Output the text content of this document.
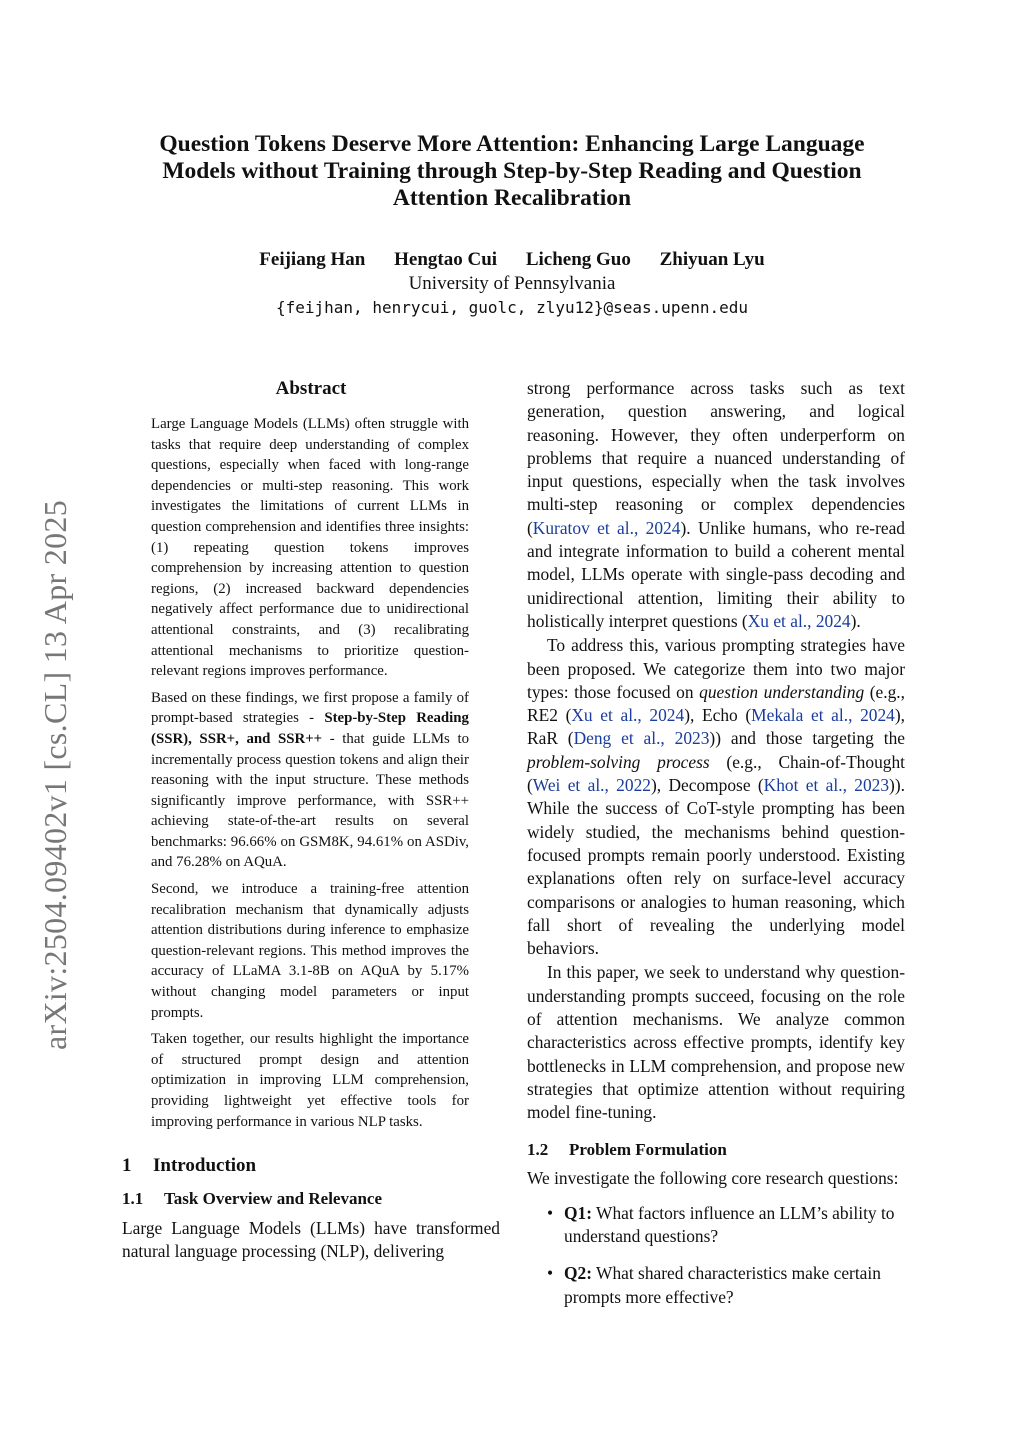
arXiv:2504.09402v1 [cs.CL] 13 Apr 2025
Question Tokens Deserve More Attention: Enhancing Large Language Models without Training through Step-by-Step Reading and Question Attention Recalibration
Feijiang Han Hengtao Cui Licheng Guo Zhiyuan Lyu
University of Pennsylvania
{feijhan, henrycui, guolc, zlyu12}@seas.upenn.edu
Abstract

Large Language Models (LLMs) often struggle with tasks that require deep understanding of complex questions, especially when faced with long-range dependencies or multi-step reasoning. This work investigates the limitations of current LLMs in question comprehension and identifies three insights: (1) repeating question tokens improves comprehension by increasing attention to question regions, (2) increased backward dependencies negatively affect performance due to unidirectional attentional constraints, and (3) recalibrating attentional mechanisms to prioritize question-relevant regions improves performance.

Based on these findings, we first propose a family of prompt-based strategies - Step-by-Step Reading (SSR), SSR+, and SSR++ - that guide LLMs to incrementally process question tokens and align their reasoning with the input structure. These methods significantly improve performance, with SSR++ achieving state-of-the-art results on several benchmarks: 96.66% on GSM8K, 94.61% on ASDiv, and 76.28% on AQuA.

Second, we introduce a training-free attention recalibration mechanism that dynamically adjusts attention distributions during inference to emphasize question-relevant regions. This method improves the accuracy of LLaMA 3.1-8B on AQuA by 5.17% without changing model parameters or input prompts.

Taken together, our results highlight the importance of structured prompt design and attention optimization in improving LLM comprehension, providing lightweight yet effective tools for improving performance in various NLP tasks.

1 Introduction
1.1 Task Overview and Relevance

Large Language Models (LLMs) have transformed natural language processing (NLP), delivering

strong performance across tasks such as text generation, question answering, and logical reasoning. However, they often underperform on problems that require a nuanced understanding of input questions, especially when the task involves multi-step reasoning or complex dependencies (Kuratov et al., 2024). Unlike humans, who re-read and integrate information to build a coherent mental model, LLMs operate with single-pass decoding and unidirectional attention, limiting their ability to holistically interpret questions (Xu et al., 2024).

To address this, various prompting strategies have been proposed. We categorize them into two major types: those focused on question understanding (e.g., RE2 (Xu et al., 2024), Echo (Mekala et al., 2024), RaR (Deng et al., 2023)) and those targeting the problem-solving process (e.g., Chain-of-Thought (Wei et al., 2022), Decompose (Khot et al., 2023)). While the success of CoT-style prompting has been widely studied, the mechanisms behind question-focused prompts remain poorly understood. Existing explanations often rely on surface-level accuracy comparisons or analogies to human reasoning, which fall short of revealing the underlying model behaviors.

In this paper, we seek to understand why question-understanding prompts succeed, focusing on the role of attention mechanisms. We analyze common characteristics across effective prompts, identify key bottlenecks in LLM comprehension, and propose new strategies that optimize attention without requiring model fine-tuning.

1.2 Problem Formulation

We investigate the following core research questions:

• Q1: What factors influence an LLM’s ability to understand questions?
• Q2: What shared characteristics make certain prompts more effective?
